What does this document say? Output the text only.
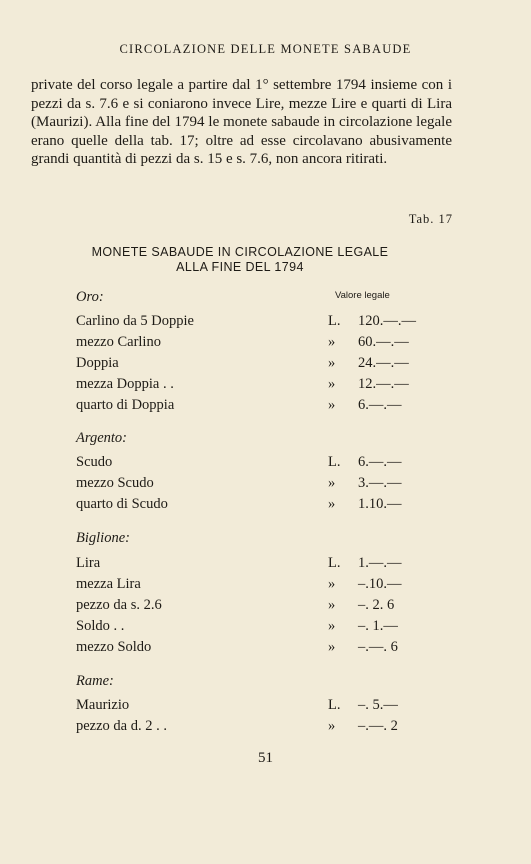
CIRCOLAZIONE DELLE MONETE SABAUDE
private del corso legale a partire dal 1° settembre 1794 insieme con i pezzi da s. 7.6 e si coniarono invece Lire, mezze Lire e quarti di Lira (Maurizi). Alla fine del 1794 le monete sabaude in circolazione legale erano quelle della tab. 17; oltre ad esse circolavano abusivamente grandi quantità di pezzi da s. 15 e s. 7.6, non ancora ritirati.
Tab. 17
MONETE SABAUDE IN CIRCOLAZIONE LEGALE
ALLA FINE DEL 1794
Valore legale
Oro:
Carlino da 5 Doppie	L. 120.—.—
mezzo Carlino	» 60.—.—
Doppia	» 24.—.—
mezza Doppia . .	» 12.—.—
quarto di Doppia	» 6.—.—
Argento:
Scudo	L. 6.—.—
mezzo Scudo	» 3.—.—
quarto di Scudo	» 1.10.—
Biglione:
Lira	L. 1.—.—
mezza Lira	» –.10.—
pezzo da s. 2.6	» –. 2. 6
Soldo . .	» –. 1.—
mezzo Soldo	» –.—. 6
Rame:
Maurizio	L. –. 5.—
pezzo da d. 2 . .	» –.—. 2
51
